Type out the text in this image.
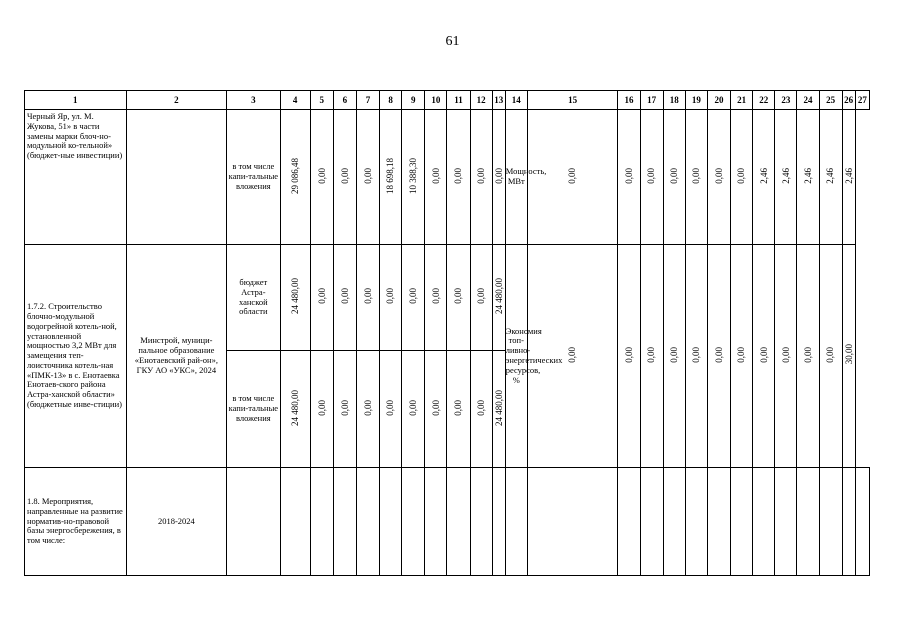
61
1	2	3	4	5	6	7	8	9	10	11	12	13	14	15	16	17	18	19	20	21	22	23	24	25	26	27
Черный Яр, ул. М. Жукова, 51» в части замены марки блоч-но-модульной ко-тельной» (бюджет-ные инвестиции)		в том числе капи-тальные вложения	29 086,48	0,00	0,00	0,00	18 698,18	10 388,30	0,00	0,00	0,00	0,00	Мощность, МВт	0,00	0,00	0,00	0,00	0,00	0,00	0,00	2,46	2,46	2,46	2,46	2,46	
1.7.2. Строительство блочно-модульной водогрейной котель-ной, установленной мощностью 3,2 МВт для замещения теп-лоисточника котель-ная «ПМК-13» в с. Енотаевка Енотаев-ского района Астра-ханской области» (бюджетные инве-стиции)	Минстрой, муници-пальное образование «Енотаевский рай-он», ГКУ АО «УКС», 2024	бюджет Астра-ханской области	24 480,00	0,00	0,00	0,00	0,00	0,00	0,00	0,00	0,00	24 480,00	Экономия топ-ливно-энергетических ресурсов, %	0,00	0,00	0,00	0,00	0,00	0,00	0,00	0,00	0,00	0,00	0,00	30,00	
		в том числе капи-тальные вложения	24 480,00	0,00	0,00	0,00	0,00	0,00	0,00	0,00	0,00	24 480,00														
1.8. Мероприятия, направленные на развитие норматив-но-правовой базы энергосбережения, в том числе:	2018-2024																									
